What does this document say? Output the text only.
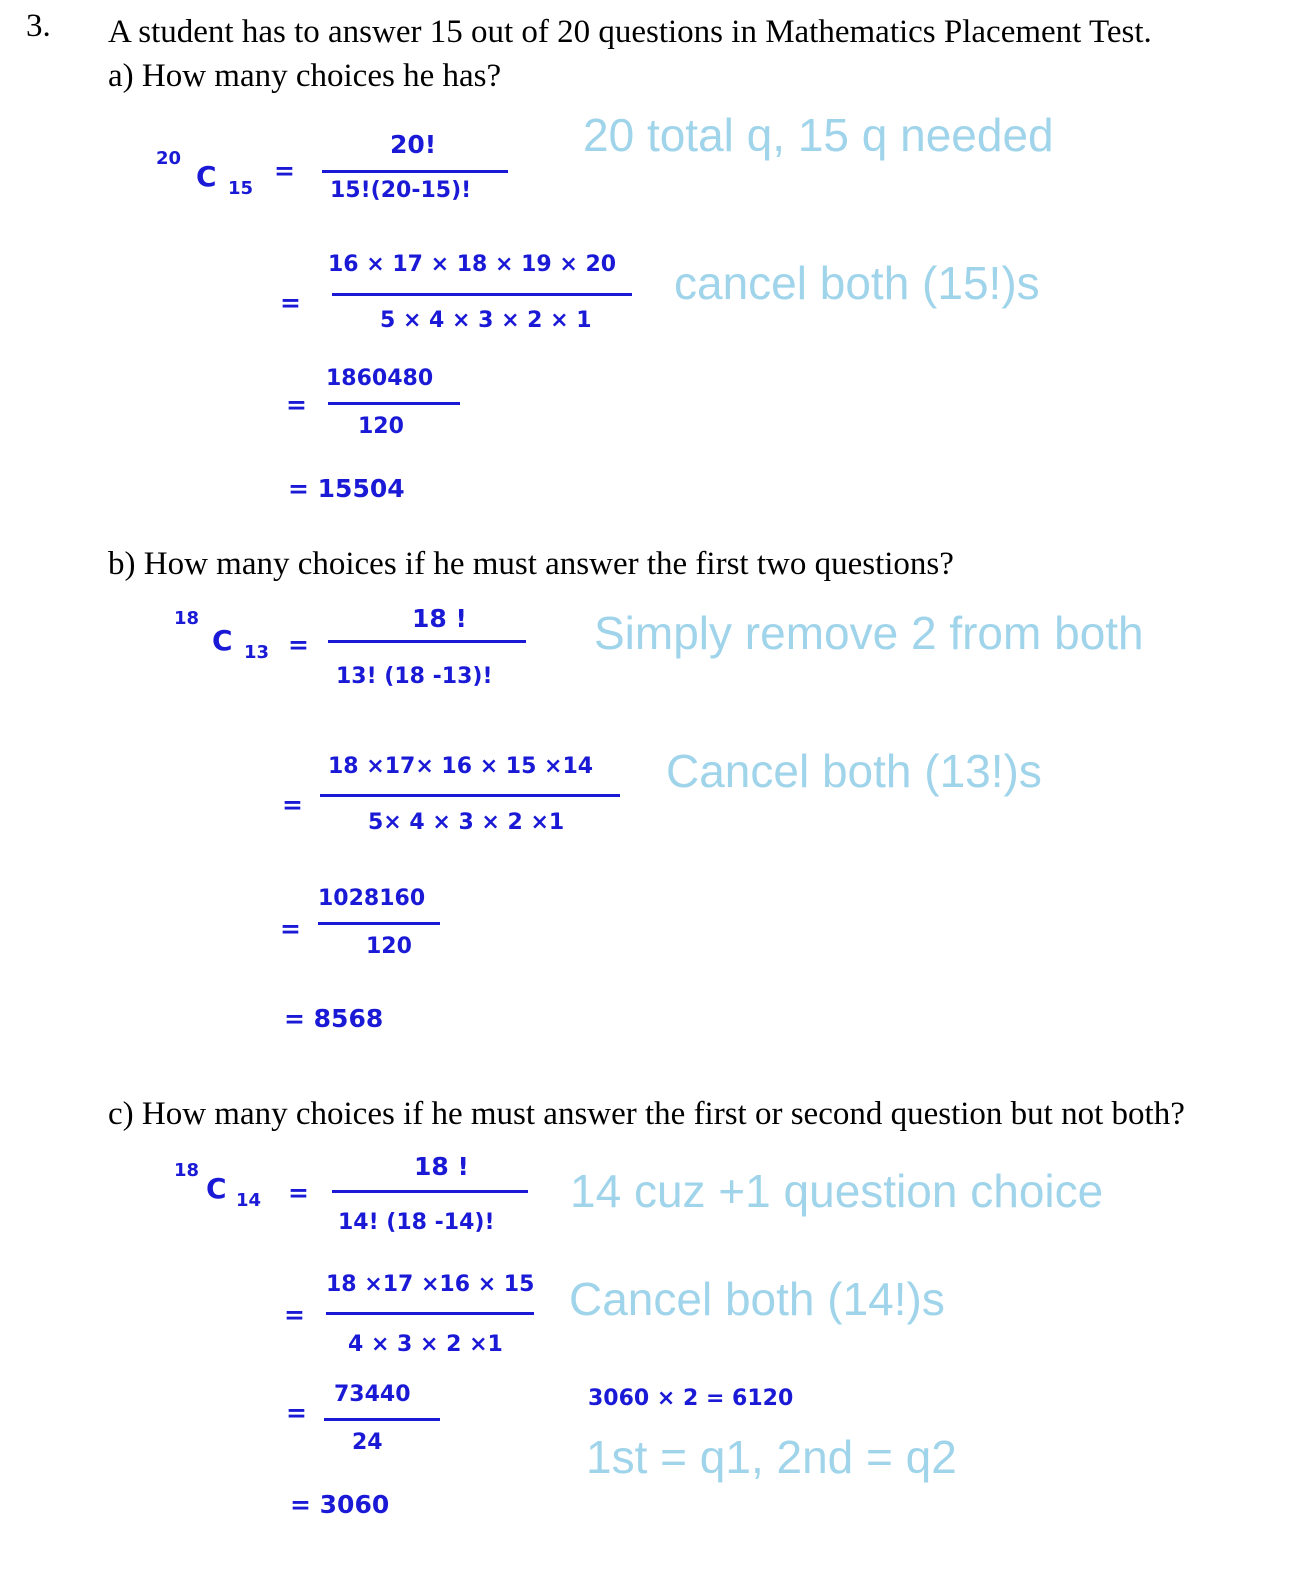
3. A student has to answer 15 out of 20 questions in Mathematics Placement Test.
a) How many choices he has?
20
C 15
=
20!
15!(20-15)!
=
16 × 17 × 18 × 19 × 20
5 × 4 × 3 × 2 × 1
=
1860480
120
= 15504
20 total q, 15 q needed
cancel both (15!)s
b) How many choices if he must answer the first two questions?
18
C 13 =
18 !
13! (18 -13)!
=
18 ×17× 16 × 15 ×14
5× 4 × 3 × 2 ×1
=
1028160
120
= 8568
Simply remove 2 from both
Cancel both (13!)s
c) How many choices if he must answer the first or second question but not both?
18
C 14 =
18 !
14! (18 -14)!
=
18 ×17 ×16 × 15
4 × 3 × 2 ×1
=
73440
24
= 3060
3060 × 2 = 6120
14 cuz +1 question choice
Cancel both (14!)s
1st = q1, 2nd = q2
